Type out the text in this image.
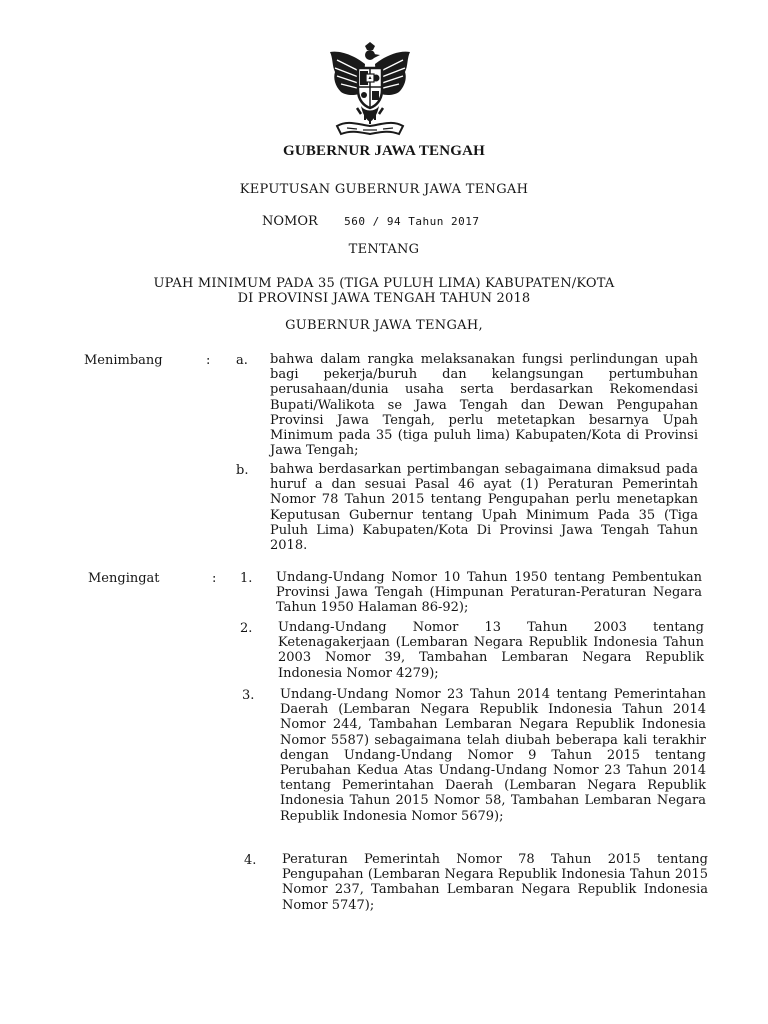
GUBERNUR JAWA TENGAH
KEPUTUSAN GUBERNUR JAWA TENGAH
NOMOR 560 / 94 Tahun 2017
TENTANG
UPAH MINIMUM PADA 35 (TIGA PULUH LIMA) KABUPATEN/KOTA
DI PROVINSI JAWA TENGAH TAHUN 2018
GUBERNUR JAWA TENGAH,
Menimbang	: a. bahwa dalam rangka melaksanakan fungsi perlindungan upah bagi pekerja/buruh dan kelangsungan pertumbuhan perusahaan/dunia usaha serta berdasarkan Rekomendasi Bupati/Walikota se Jawa Tengah dan Dewan Pengupahan Provinsi Jawa Tengah, perlu metetapkan besarnya Upah Minimum pada 35 (tiga puluh lima) Kabupaten/Kota di Provinsi Jawa Tengah;

b. bahwa berdasarkan pertimbangan sebagaimana dimaksud pada huruf a dan sesuai Pasal 46 ayat (1) Peraturan Pemerintah Nomor 78 Tahun 2015 tentang Pengupahan perlu menetapkan Keputusan Gubernur tentang Upah Minimum Pada 35 (Tiga Puluh Lima) Kabupaten/Kota Di Provinsi Jawa Tengah Tahun 2018.

Mengingat	: 1. Undang-Undang Nomor 10 Tahun 1950 tentang Pembentukan Provinsi Jawa Tengah (Himpunan Peraturan-Peraturan Negara Tahun 1950 Halaman 86-92);

2. Undang-Undang Nomor 13 Tahun 2003 tentang Ketenagakerjaan (Lembaran Negara Republik Indonesia Tahun 2003 Nomor 39, Tambahan Lembaran Negara Republik Indonesia Nomor 4279);

3. Undang-Undang Nomor 23 Tahun 2014 tentang Pemerintahan Daerah (Lembaran Negara Republik Indonesia Tahun 2014 Nomor 244, Tambahan Lembaran Negara Republik Indonesia Nomor 5587) sebagaimana telah diubah beberapa kali terakhir dengan Undang-Undang Nomor 9 Tahun 2015 tentang Perubahan Kedua Atas Undang-Undang Nomor 23 Tahun 2014 tentang Pemerintahan Daerah (Lembaran Negara Republik Indonesia Tahun 2015 Nomor 58, Tambahan Lembaran Negara Republik Indonesia Nomor 5679);

4. Peraturan Pemerintah Nomor 78 Tahun 2015 tentang Pengupahan (Lembaran Negara Republik Indonesia Tahun 2015 Nomor 237, Tambahan Lembaran Negara Republik Indonesia Nomor 5747);
